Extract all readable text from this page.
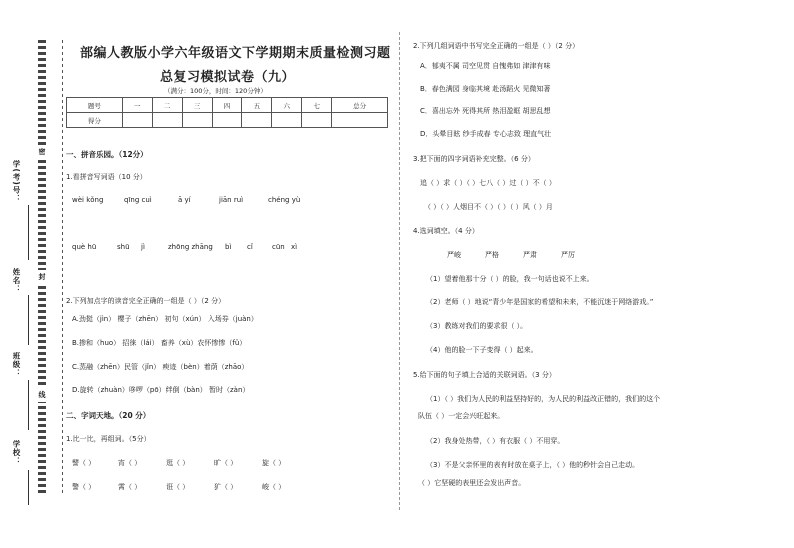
学校：
班级：
姓名：
学(考)号：
密
封
线
部编人教版小学六年级语文下学期期末质量检测习题
总复习模拟试卷（九）
（满分：100分，时间：120分钟）
题号	一	二	三	四	五	六	七	总分
得分								
一、拼音乐园。（12分）
1.看拼音写词语（10 分）
wèi kǒng	qīng cuì	ā yí	jiān ruì	chéng yù
què hū	shū jì	zhōng zhāng bì cǐ	cūn xì
2.下列加点字的读音完全正确的一组是（ ）（2 分）
A.劲挺（jìn） 樱子（zhēn） 初句（xún） 入场券（juàn）
B.掺和（huo） 招徕（lái） 畜养（xù）农怀惨惨（fǔ）
C.蒸融（zhēn）民管（jǐn） 瘐迹（bèn）着荫（zhāo）
D.旋转（zhuàn）哆啰（pō）绊倒（bàn） 暂时（zàn）
二、字词天地。（20 分）
1.比一比，再组词。（5分）
譬（ ）	宵（ ）	逛（ ）	旷（ ）	旋（ ）
警（ ）	霄（ ）	诳（ ）	犷（ ）	峻（ ）
2.下列几组词语中书写完全正确的一组是（ ）（2 分）
A．郁夷不属 司空见贯 自愧弗如 津津有味
B．春色满园 身临其境 赴汤蹈火 见微知著
C．喜出忘外 死得其所 热泪盈眶 胡思乱想
D．头晕目眩 纱手成春 专心志致 理直气壮
3.把下面的四字词语补充完整。（6 分）
追（ ）求（ ）（ ）七八（ ）过（ ）不（ ）
（ ）（ ）人烟目不（ ）（ ）（ ）风（ ）月
4.选词填空。（4 分）
严峻	严格	严肃	严厉
（1）望着他那十分（ ）的脸，我一句话也说不上来。
（2）老师（ ）地说“青少年是国家的希望和未来，不能沉迷于网络游戏。”
（3）教练对我们的要求很（ ）。
（4）他的脸一下子变得（ ）起来。
5.给下面的句子填上合适的关联词语。（3 分）
（1）（ ）我们为人民的利益坚持好的，为人民的利益改正错的，我们的这个
队伍（ ）一定会兴旺起来。
（2）我身处热带，（ ）有衣服（ ）不用穿。
（3）不是父亲怀里的表有时放在桌子上，（ ）他的秒针会自己走动。
（ ）它坚硬的表里还会发出声音。
